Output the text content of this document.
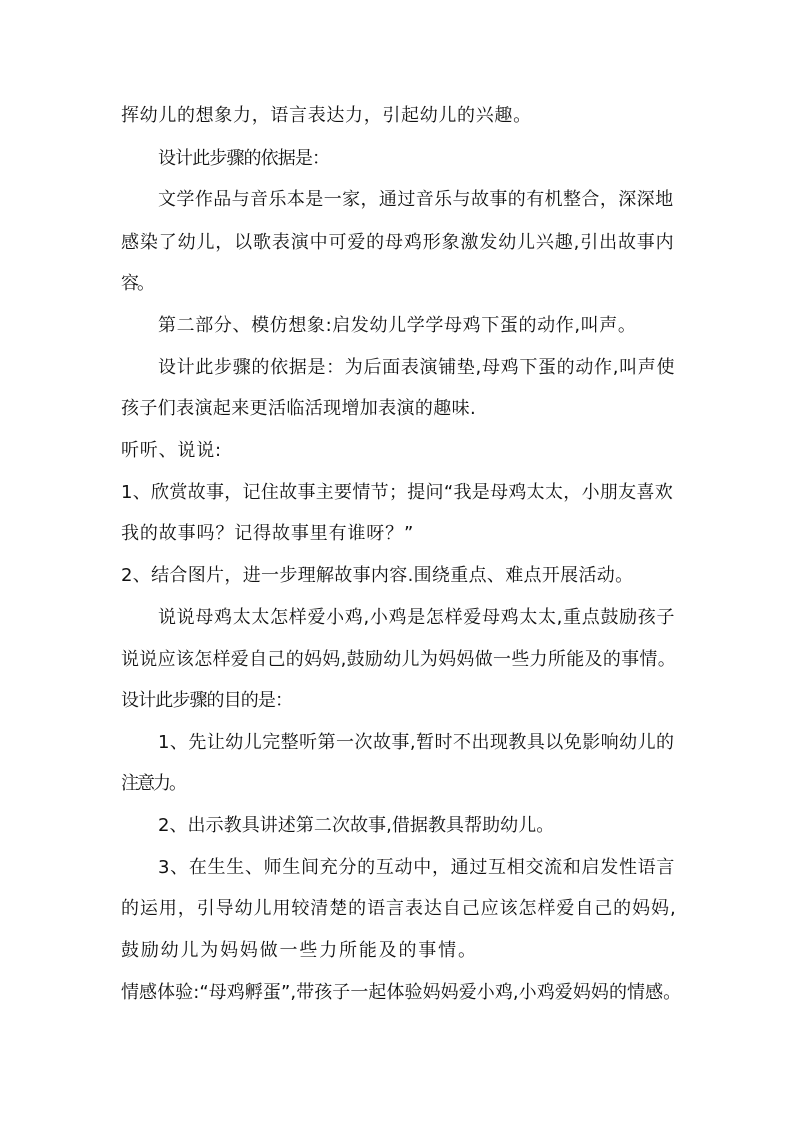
挥幼儿的想象力，语言表达力，引起幼儿的兴趣。
设计此步骤的依据是：
文学作品与音乐本是一家，通过音乐与故事的有机整合，深深地
感染了幼儿，以歌表演中可爱的母鸡形象激发幼儿兴趣,引出故事内
容。
第二部分、模仿想象:启发幼儿学学母鸡下蛋的动作,叫声。
设计此步骤的依据是：为后面表演铺垫,母鸡下蛋的动作,叫声使
孩子们表演起来更活临活现增加表演的趣味.
听听、说说:
1、欣赏故事，记住故事主要情节；提问“我是母鸡太太，小朋友喜欢
我的故事吗？记得故事里有谁呀？”
2、结合图片，进一步理解故事内容.围绕重点、难点开展活动。
说说母鸡太太怎样爱小鸡,小鸡是怎样爱母鸡太太,重点鼓励孩子
说说应该怎样爱自己的妈妈,鼓励幼儿为妈妈做一些力所能及的事情。
设计此步骤的目的是：
1、先让幼儿完整听第一次故事,暂时不出现教具以免影响幼儿的
注意力。
2、出示教具讲述第二次故事,借据教具帮助幼儿。
3、在生生、师生间充分的互动中，通过互相交流和启发性语言
的运用，引导幼儿用较清楚的语言表达自己应该怎样爱自己的妈妈,
鼓励幼儿为妈妈做一些力所能及的事情。
情感体验:“母鸡孵蛋”,带孩子一起体验妈妈爱小鸡,小鸡爱妈妈的情感。
